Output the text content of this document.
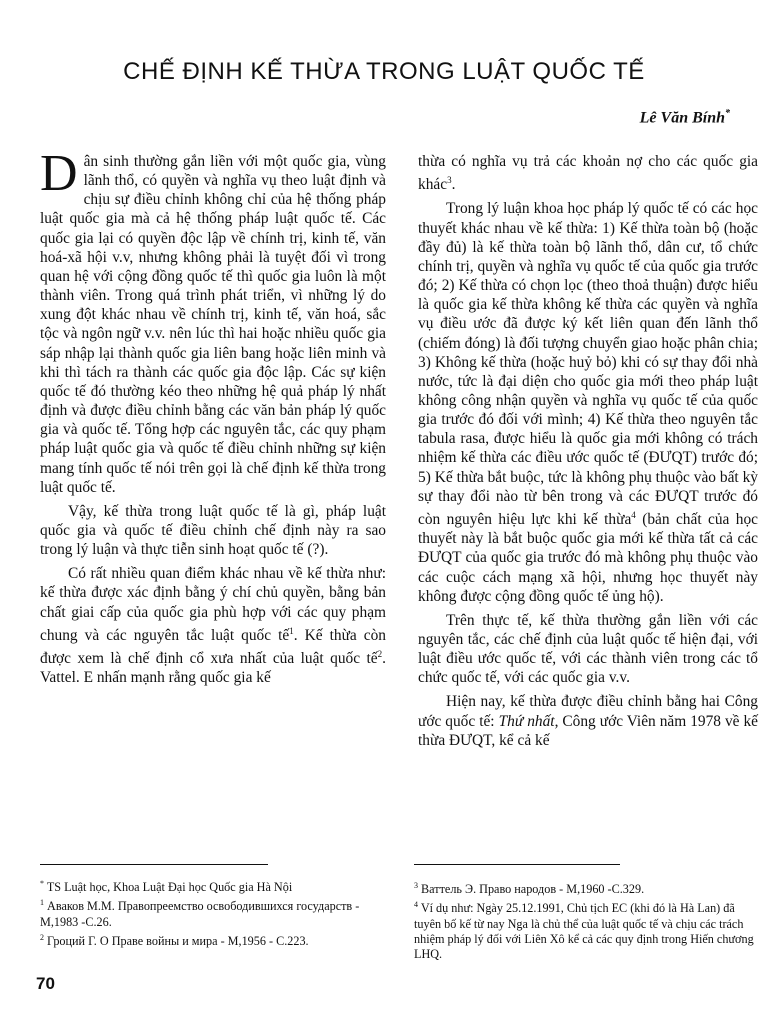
CHẾ ĐỊNH KẾ THỪA TRONG LUẬT QUỐC TẾ
Lê Văn Bính*

Dân sinh thường gắn liền với một quốc gia, vùng lãnh thổ, có quyền và nghĩa vụ theo luật định và chịu sự điều chỉnh không chỉ của hệ thống pháp luật quốc gia mà cả hệ thống pháp luật quốc tế. Các quốc gia lại có quyền độc lập về chính trị, kinh tế, văn hoá-xã hội v.v, nhưng không phải là tuyệt đối vì trong quan hệ với cộng đồng quốc tế thì quốc gia luôn là một thành viên. Trong quá trình phát triển, vì những lý do xung đột khác nhau về chính trị, kinh tế, văn hoá, sắc tộc và ngôn ngữ v.v. nên lúc thì hai hoặc nhiều quốc gia sáp nhập lại thành quốc gia liên bang hoặc liên minh và khi thì tách ra thành các quốc gia độc lập. Các sự kiện quốc tế đó thường kéo theo những hệ quả pháp lý nhất định và được điều chỉnh bằng các văn bản pháp lý quốc gia và quốc tế. Tổng hợp các nguyên tắc, các quy phạm pháp luật quốc gia và quốc tế điều chỉnh những sự kiện mang tính quốc tế nói trên gọi là chế định kế thừa trong luật quốc tế.

Vậy, kế thừa trong luật quốc tế là gì, pháp luật quốc gia và quốc tế điều chỉnh chế định này ra sao trong lý luận và thực tiễn sinh hoạt quốc tế (?).

Có rất nhiều quan điểm khác nhau về kế thừa như: kế thừa được xác định bằng ý chí chủ quyền, bằng bản chất giai cấp của quốc gia phù hợp với các quy phạm chung và các nguyên tắc luật quốc tế$^1$. Kế thừa còn được xem là chế định cổ xưa nhất của luật quốc tế$^2$. Vattel. E nhấn mạnh rằng quốc gia kế

thừa có nghĩa vụ trả các khoản nợ cho các quốc gia khác$^3$.

Trong lý luận khoa học pháp lý quốc tế có các học thuyết khác nhau về kế thừa: 1) Kế thừa toàn bộ (hoặc đầy đủ) là kế thừa toàn bộ lãnh thổ, dân cư, tổ chức chính trị, quyền và nghĩa vụ quốc tế của quốc gia trước đó; 2) Kế thừa có chọn lọc (theo thoả thuận) được hiểu là quốc gia kế thừa không kế thừa các quyền và nghĩa vụ điều ước đã được ký kết liên quan đến lãnh thổ (chiếm đóng) là đối tượng chuyển giao hoặc phân chia; 3) Không kế thừa (hoặc huỷ bỏ) khi có sự thay đổi nhà nước, tức là đại diện cho quốc gia mới theo pháp luật không công nhận quyền và nghĩa vụ quốc tế của quốc gia trước đó đối với mình; 4) Kế thừa theo nguyên tắc tabula rasa, được hiểu là quốc gia mới không có trách nhiệm kế thừa các điều ước quốc tế (ĐƯQT) trước đó; 5) Kế thừa bắt buộc, tức là không phụ thuộc vào bất kỳ sự thay đổi nào từ bên trong và các ĐƯQT trước đó còn nguyên hiệu lực khi kế thừa$^4$ (bản chất của học thuyết này là bắt buộc quốc gia mới kế thừa tất cả các ĐƯQT của quốc gia trước đó mà không phụ thuộc vào các cuộc cách mạng xã hội, nhưng học thuyết này không được cộng đồng quốc tế ủng hộ).

Trên thực tế, kế thừa thường gắn liền với các nguyên tắc, các chế định của luật quốc tế hiện đại, với luật điều ước quốc tế, với các thành viên trong các tổ chức quốc tế, với các quốc gia v.v.

Hiện nay, kế thừa được điều chỉnh bằng hai Công ước quốc tế: Thứ nhất, Công ước Viên năm 1978 về kế thừa ĐƯQT, kể cả kế

* TS Luật học, Khoa Luật Đại học Quốc gia Hà Nội

$^1$ Аваков М.М. Правопреемство освободившихся государств - М,1983 -С.26.

$^2$ Гроций Г. О Праве войны и мира - М,1956 - С.223.

$^3$ Ваттель Э. Право народов - М,1960 -С.329.

$^4$ Ví dụ như: Ngày 25.12.1991, Chủ tịch EC (khi đó là Hà Lan) đã tuyên bố kế từ nay Nga là chủ thể của luật quốc tế và chịu các trách nhiệm pháp lý đối với Liên Xô kể cả các quy định trong Hiến chương LHQ.

70
